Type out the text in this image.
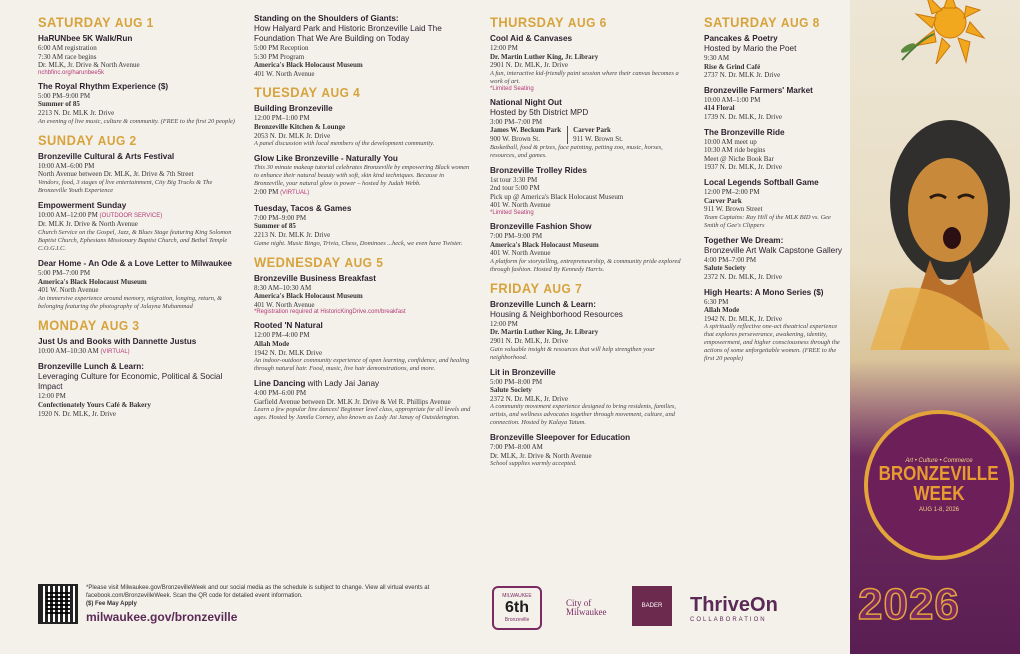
SATURDAY AUG 1
HaRUNbee 5K Walk/Run
6:00 AM registration
7:30 AM race begins
Dr. MLK, Jr. Drive & North Avenue
nchbfinc.org/harunbee5k
The Royal Rhythm Experience ($)
5:00 PM–9:00 PM
Summer of 85
2213 N. Dr. MLK Jr. Drive
An evening of live music, culture & community. (FREE to the first 20 people)
SUNDAY AUG 2
Bronzeville Cultural & Arts Festival
10:00 AM–6:00 PM
North Avenue between Dr. MLK, Jr. Drive & 7th Street
Vendors, food, 3 stages of live entertainment, City Big Trucks & The Bronzeville Youth Experience
Empowerment Sunday
10:00 AM–12:00 PM (OUTDOOR SERVICE)
Dr. MLK Jr. Drive & North Avenue
Church Service on the Gospel, Jazz, & Blues Stage featuring King Solomon Baptist Church, Ephesians Missionary Baptist Church, and Bethel Temple C.O.G.I.C.
Dear Home - An Ode & a Love Letter to Milwaukee
5:00 PM–7:00 PM
America's Black Holocaust Museum
401 W. North Avenue
An immersive experience around memory, migration, longing, return, & belonging featuring the photography of Jalayna Muhammad
MONDAY AUG 3
Just Us and Books with Dannette Justus
10:00 AM–10:30 AM (VIRTUAL)
Bronzeville Lunch & Learn:
Leveraging Culture for Economic, Political & Social Impact
12:00 PM
Confectionately Yours Café & Bakery
1920 N. Dr. MLK, Jr. Drive
Standing on the Shoulders of Giants:
How Halyard Park and Historic Bronzeville Laid The Foundation That We Are Building on Today
5:00 PM Reception
5:30 PM Program
America's Black Holocaust Museum
401 W. North Avenue
TUESDAY AUG 4
Building Bronzeville
12:00 PM–1:00 PM
Bronzeville Kitchen & Lounge
2053 N. Dr. MLK Jr. Drive
A panel discussion with local members of the development community.
Glow Like Bronzeville - Naturally You
This 30 minute makeup tutorial celebrates Bronzeville by empowering Black women to enhance their natural beauty with soft, skin kind techniques. Because in Bronzeville, your natural glow is power – hosted by Judah Webb.
2:00 PM (VIRTUAL)
Tuesday, Tacos & Games
7:00 PM–9:00 PM
Summer of 85
2213 N. Dr. MLK Jr. Drive
Game night. Music Bingo, Trivia, Chess, Dominoes ...heck, we even have Twister.
WEDNESDAY AUG 5
Bronzeville Business Breakfast
8:30 AM–10:30 AM
America's Black Holocaust Museum
401 W. North Avenue
*Registration required at HistoricKingDrive.com/breakfast
Rooted 'N Natural
12:00 PM–4:00 PM
Allah Mode
1942 N. Dr. MLK Drive
An indoor-outdoor community experience of open learning, confidence, and healing through natural hair. Food, music, live hair demonstrations, and more.
Line Dancing with Lady Jai Janay
4:00 PM–6:00 PM
Garfield Avenue between Dr. MLK Jr. Drive & Vel R. Phillips Avenue
Learn a few popular line dances! Beginner level class, appropriate for all levels and ages. Hosted by Jamila Corney, also known as Lady Jai Janay of Outsideington.
THURSDAY AUG 6
Cool Aid & Canvases
12:00 PM
Dr. Martin Luther King, Jr. Library
2901 N. Dr. MLK, Jr. Drive
A fun, interactive kid-friendly paint session where their canvas becomes a work of art.
*Limited Seating
National Night Out
Hosted by 5th District MPD
3:00 PM–7:00 PM
James W. Beckum Park
900 W. Brown St.
Carver Park
911 W. Brown St.
Basketball, food & prizes, face painting, petting zoo, music, horses, resources, and games.
Bronzeville Trolley Rides
1st tour 3:30 PM
2nd tour 5:00 PM
Pick up @ America's Black Holocaust Museum
401 W. North Avenue
*Limited Seating
Bronzeville Fashion Show
7:00 PM–9:00 PM
America's Black Holocaust Museum
401 W. North Avenue
A platform for storytelling, entrepreneurship, & community pride explored through fashion. Hosted By Kennedy Harris.
FRIDAY AUG 7
Bronzeville Lunch & Learn:
Housing & Neighborhood Resources
12:00 PM
Dr. Martin Luther King, Jr. Library
2901 N. Dr. MLK, Jr. Drive
Gain valuable insight & resources that will help strengthen your neighborhood.
Lit in Bronzeville
5:00 PM–8:00 PM
Salute Society
2372 N. Dr. MLK, Jr. Drive
A community movement experience designed to bring residents, families, artists, and wellness advocates together through movement, culture, and connection. Hosted by Kalaya Tatum.
Bronzeville Sleepover for Education
7:00 PM–8:00 AM
Dr. MLK, Jr. Drive & North Avenue
School supplies warmly accepted.
SATURDAY AUG 8
Pancakes & Poetry
Hosted by Mario the Poet
9:30 AM
Rise & Grind Café
2737 N. Dr. MLK Jr. Drive
Bronzeville Farmers' Market
10:00 AM–1:00 PM
414 Floral
1739 N. Dr. MLK, Jr. Drive
The Bronzeville Ride
10:00 AM meet up
10:30 AM ride begins
Meet @ Niche Book Bar
1937 N. Dr. MLK, Jr. Drive
Local Legends Softball Game
12:00 PM–2:00 PM
Carver Park
911 W. Brown Street
Team Captains: Ray Hill of the MLK BID vs. Gee Smith of Gee's Clippers
Together We Dream:
Bronzeville Art Walk Capstone Gallery
4:00 PM–7:00 PM
Salute Society
2372 N. Dr. MLK, Jr. Drive
High Hearts: A Mono Series ($)
6:30 PM
Allah Mode
1942 N. Dr. MLK, Jr. Drive
A spiritually reflective one-act theatrical experience that explores perseverance, awakening, identity, empowerment, and higher consciousness through the actions of some unforgettable women. (FREE to the first 20 people)
Art • Culture • Commerce
BRONZEVILLE
WEEK
AUG 1-8, 2026
2026
*Please visit Milwaukee.gov/BronzevilleWeek and our social media as the schedule is subject to change. View all virtual events at facebook.com/BronzevilleWeek. Scan the QR code for detailed event information.
($) Fee May Apply
milwaukee.gov/bronzeville
MILWAUKEE
6th
Bronzeville
City of Milwaukee
BADER ThriveOn
COLLABORATION
